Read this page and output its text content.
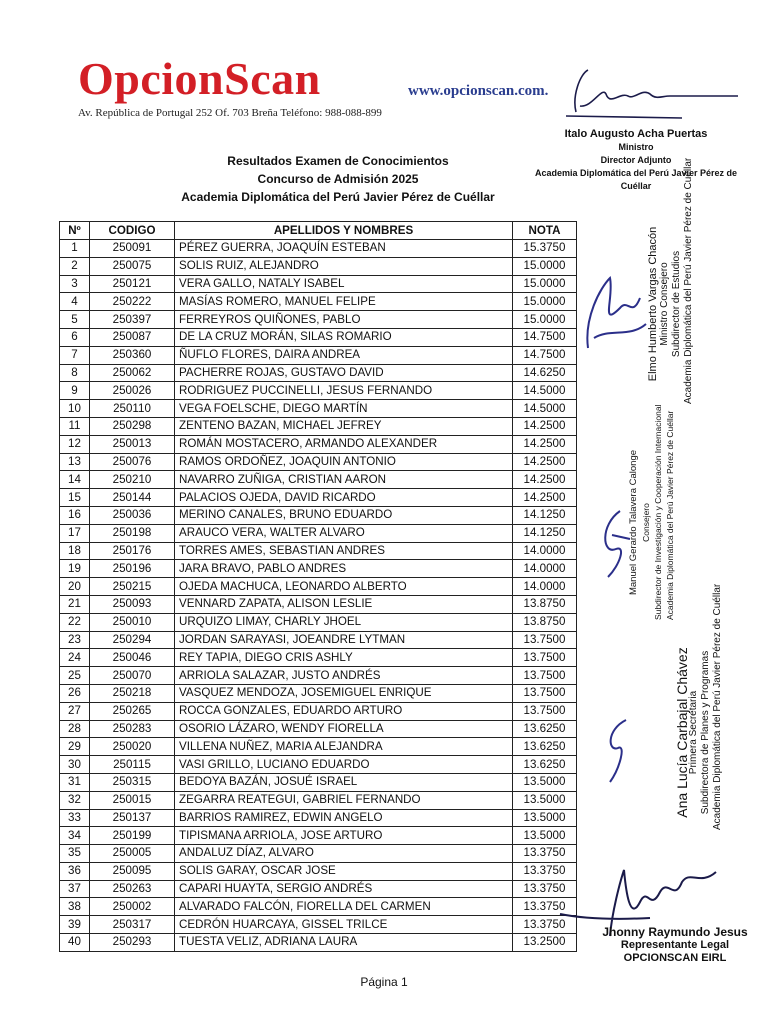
OpcionScan
Av. República de Portugal 252 Of. 703 Breña Teléfono: 988-088-899
www.opcionscan.com.
Italo Augusto Acha Puertas
Ministro
Director Adjunto
Academia Diplomática del Perú Javier Pérez de Cuéllar
Resultados Examen de Conocimientos
Concurso de Admisión 2025
Academia Diplomática del Perú Javier Pérez de Cuéllar
Nº	CODIGO	APELLIDOS Y NOMBRES	NOTA
1	250091	PÉREZ GUERRA, JOAQUÍN ESTEBAN	15.3750
2	250075	SOLIS RUIZ, ALEJANDRO	15.0000
3	250121	VERA GALLO, NATALY ISABEL	15.0000
4	250222	MASÍAS ROMERO, MANUEL FELIPE	15.0000
5	250397	FERREYROS QUIÑONES, PABLO	15.0000
6	250087	DE LA CRUZ MORÁN, SILAS ROMARIO	14.7500
7	250360	ÑUFLO FLORES, DAIRA ANDREA	14.7500
8	250062	PACHERRE ROJAS, GUSTAVO DAVID	14.6250
9	250026	RODRIGUEZ PUCCINELLI, JESUS FERNANDO	14.5000
10	250110	VEGA FOELSCHE, DIEGO MARTÍN	14.5000
11	250298	ZENTENO BAZAN, MICHAEL JEFREY	14.2500
12	250013	ROMÁN MOSTACERO, ARMANDO ALEXANDER	14.2500
13	250076	RAMOS ORDOÑEZ, JOAQUIN ANTONIO	14.2500
14	250210	NAVARRO ZUÑIGA, CRISTIAN AARON	14.2500
15	250144	PALACIOS OJEDA, DAVID RICARDO	14.2500
16	250036	MERINO CANALES, BRUNO EDUARDO	14.1250
17	250198	ARAUCO VERA, WALTER ALVARO	14.1250
18	250176	TORRES AMES, SEBASTIAN ANDRES	14.0000
19	250196	JARA BRAVO, PABLO ANDRES	14.0000
20	250215	OJEDA MACHUCA, LEONARDO ALBERTO	14.0000
21	250093	VENNARD ZAPATA, ALISON LESLIE	13.8750
22	250010	URQUIZO LIMAY, CHARLY JHOEL	13.8750
23	250294	JORDAN SARAYASI, JOEANDRE LYTMAN	13.7500
24	250046	REY TAPIA, DIEGO CRIS ASHLY	13.7500
25	250070	ARRIOLA SALAZAR, JUSTO ANDRÉS	13.7500
26	250218	VASQUEZ MENDOZA, JOSEMIGUEL ENRIQUE	13.7500
27	250265	ROCCA GONZALES, EDUARDO ARTURO	13.7500
28	250283	OSORIO LÁZARO, WENDY FIORELLA	13.6250
29	250020	VILLENA NUÑEZ, MARIA ALEJANDRA	13.6250
30	250115	VASI GRILLO, LUCIANO EDUARDO	13.6250
31	250315	BEDOYA BAZÁN, JOSUÉ ISRAEL	13.5000
32	250015	ZEGARRA REATEGUI, GABRIEL FERNANDO	13.5000
33	250137	BARRIOS RAMIREZ, EDWIN ANGELO	13.5000
34	250199	TIPISMANA ARRIOLA, JOSE ARTURO	13.5000
35	250005	ANDALUZ DÍAZ, ALVARO	13.3750
36	250095	SOLIS GARAY, OSCAR JOSE	13.3750
37	250263	CAPARI HUAYTA, SERGIO ANDRÉS	13.3750
38	250002	ALVARADO FALCÓN, FIORELLA DEL CARMEN	13.3750
39	250317	CEDRÓN HUARCAYA, GISSEL TRILCE	13.3750
40	250293	TUESTA VELIZ, ADRIANA LAURA	13.2500
Elmo Humberto Vargas Chacón Ministro Consejero Subdirector de Estudios Academia Diplomática del Perú Javier Pérez de Cuéllar
Manuel Gerardo Talavera Calonge Consejero Subdirector de Investigación y Cooperación Internacional Academia Diplomática del Perú Javier Pérez de Cuéllar
Ana Lucía Carbajal Chávez
Primera Secretaria Subdirectora de Planes y Programas Academia Diplomática del Perú Javier Pérez de Cuéllar
Jhonny Raymundo Jesus
Representante Legal
OPCIONSCAN EIRL
Página 1
